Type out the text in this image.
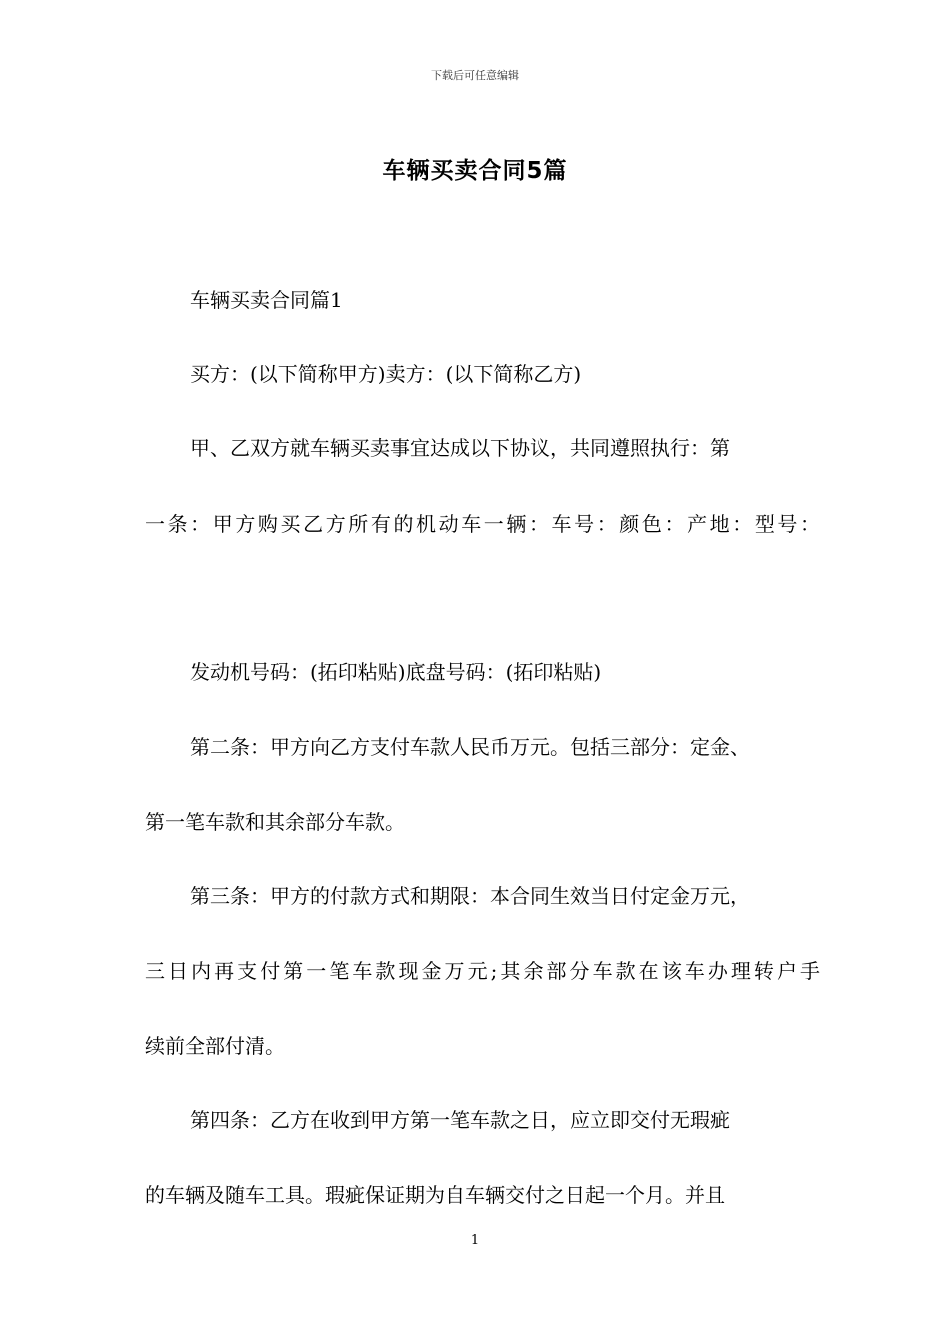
下载后可任意编辑
车辆买卖合同5篇
车辆买卖合同篇1
买方：(以下简称甲方)卖方：(以下简称乙方)
甲、乙双方就车辆买卖事宜达成以下协议，共同遵照执行：第
一条：甲方购买乙方所有的机动车一辆：车号：颜色：产地：型号：
发动机号码：(拓印粘贴)底盘号码：(拓印粘贴)
第二条：甲方向乙方支付车款人民币万元。包括三部分：定金、
第一笔车款和其余部分车款。
第三条：甲方的付款方式和期限：本合同生效当日付定金万元，
三日内再支付第一笔车款现金万元;其余部分车款在该车办理转户手
续前全部付清。
第四条：乙方在收到甲方第一笔车款之日，应立即交付无瑕疵
的车辆及随车工具。瑕疵保证期为自车辆交付之日起一个月。并且
1
